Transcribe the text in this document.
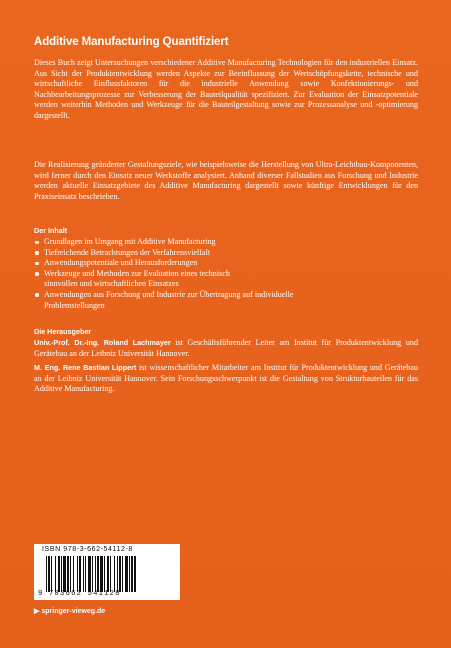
Additive Manufacturing Quantifiziert

Dieses Buch zeigt Untersuchungen verschiedener Additive Manufacturing Technologien für den industriellen Einsatz. Aus Sicht der Produktentwicklung werden Aspekte zur Beeinflussung der Wertschöpfungskette, technische und wirtschaftliche Einflussfaktoren für die industrielle Anwendung sowie Konfektionierungs- und Nachbearbeitungsprozesse zur Verbesserung der Bauteilqualität spezifiziert. Zur Evaluation der Einsatzpotentiale werden weiterhin Methoden und Werkzeuge für die Bauteilgestaltung sowie zur Prozessanalyse und -optimierung dargestellt.

Die Realisierung geänderter Gestaltungsziele, wie beispielsweise die Herstellung von Ultra-Leichtbau-Komponenten, wird ferner durch den Einsatz neuer Werkstoffe analysiert. Anhand diverser Fallstudien aus Forschung und Industrie werden aktuelle Einsatzgebiete des Additive Manufacturing dargestellt sowie künftige Entwicklungen für den Praxiseinsatz beschrieben.

Der Inhalt
Grundlagen im Umgang mit Additive Manufacturing
Tiefreichende Betrachtungen der Verfahrensvielfalt
Anwendungspotentiale und Herausforderungen
Werkzeuge und Methoden zur Evaluation eines technisch sinnvollen und wirtschaftlichen Einsatzes
Anwendungen aus Forschung und Industrie zur Übertragung auf individuelle Problemstellungen
Die Herausgeber

Univ.-Prof. Dr.-Ing. Roland Lachmayer ist Geschäftsführender Leiter am Institut für Produktentwicklung und Gerätebau an der Leibniz Universität Hannover.

M. Eng. Rene Bastian Lippert ist wissenschaftlicher Mitarbeiter am Institut für Produktentwicklung und Gerätebau an der Leibniz Universität Hannover. Sein Forschungsschwerpunkt ist die Gestaltung von Strukturbauteilen für das Additive Manufacturing.

ISBN 978-3-662-54112-8
9 783662 541128
▶ springer-vieweg.de
